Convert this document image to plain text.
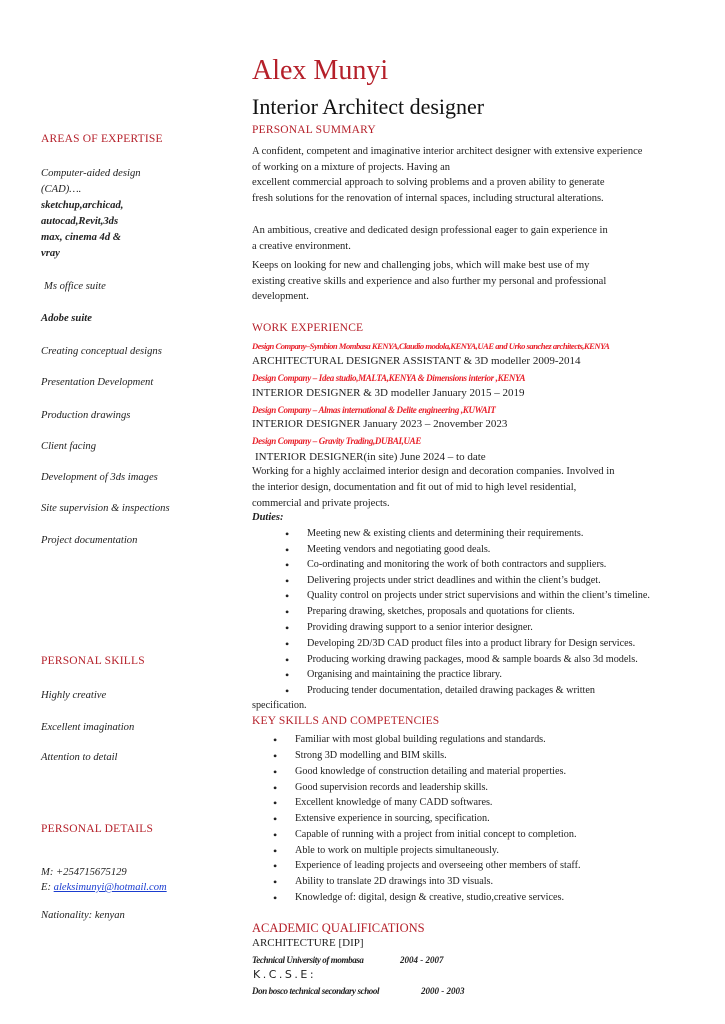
Alex Munyi
Interior Architect designer
AREAS OF EXPERTISE
Computer-aided design
(CAD)….
sketchup,archicad,
autocad,Revit,3ds
max, cinema 4d &
vray
Ms office suite
Adobe suite
Creating conceptual designs
Presentation Development
Production drawings
Client facing
Development of 3ds images
Site supervision & inspections
Project documentation
PERSONAL SKILLS
Highly creative
Excellent imagination
Attention to detail
PERSONAL DETAILS
M: +254715675129
E: aleksimunyi@hotmail.com
Nationality: kenyan
PERSONAL SUMMARY
A confident, competent and imaginative interior architect designer with extensive experience
of working on a mixture of projects. Having an
excellent commercial approach to solving problems and a proven ability to generate
fresh solutions for the renovation of internal spaces, including structural alterations.
An ambitious, creative and dedicated design professional eager to gain experience in
a creative environment.
Keeps on looking for new and challenging jobs, which will make best use of my
existing creative skills and experience and also further my personal and professional
development.
WORK EXPERIENCE
Design Company–Symbion Mombasa KENYA,Claudio modola,KENYA,UAE and Urko sanchez architects,KENYA
ARCHITECTURAL DESIGNER ASSISTANT & 3D modeller 2009-2014
Design Company – Idea studio,MALTA,KENYA & Dimensions interior ,KENYA
INTERIOR DESIGNER & 3D modeller January 2015 – 2019
Design Company – Almas international & Delite engineering ,KUWAIT
INTERIOR DESIGNER January 2023 – 2november 2023
Design Company – Gravity Trading,DUBAI,UAE
INTERIOR DESIGNER(in site) June 2024 – to date
Working for a highly acclaimed interior design and decoration companies. Involved in
the interior design, documentation and fit out of mid to high level residential,
commercial and private projects.
Duties:
• Meeting new & existing clients and determining their requirements.
• Meeting vendors and negotiating good deals.
• Co-ordinating and monitoring the work of both contractors and suppliers.
• Delivering projects under strict deadlines and within the client’s budget.
• Quality control on projects under strict supervisions and within the client’s timeline.
• Preparing drawing, sketches, proposals and quotations for clients.
• Providing drawing support to a senior interior designer.
• Developing 2D/3D CAD product files into a product library for Design services.
• Producing working drawing packages, mood & sample boards & also 3d models.
• Organising and maintaining the practice library.
• Producing tender documentation, detailed drawing packages & written
specification.
KEY SKILLS AND COMPETENCIES
• Familiar with most global building regulations and standards.
• Strong 3D modelling and BIM skills.
• Good knowledge of construction detailing and material properties.
• Good supervision records and leadership skills.
• Excellent knowledge of many CADD softwares.
• Extensive experience in sourcing, specification.
• Capable of running with a project from initial concept to completion.
• Able to work on multiple projects simultaneously.
• Experience of leading projects and overseeing other members of staff.
• Ability to translate 2D drawings into 3D visuals.
• Knowledge of: digital, design & creative, studio,creative services.
ACADEMIC QUALIFICATIONS
ARCHITECTURE [DIP]
Technical University of mombasa	2004 - 2007
K.C.S.E:
Don bosco technical secondary school	2000 - 2003
